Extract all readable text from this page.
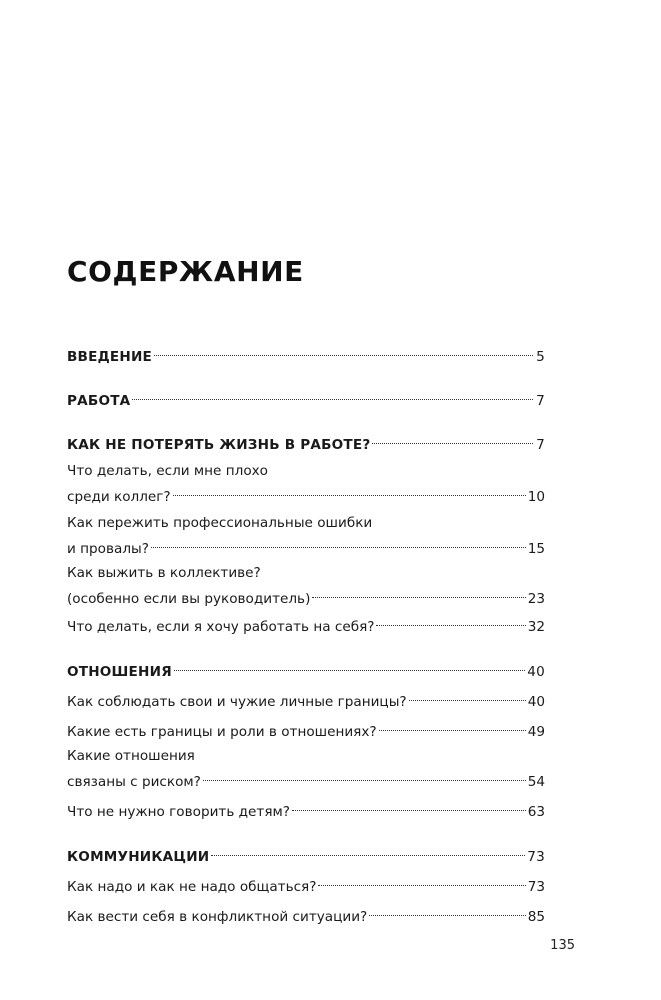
СОДЕРЖАНИЕ
ВВЕДЕНИЕ	5
РАБОТА	7
КАК НЕ ПОТЕРЯТЬ ЖИЗНЬ В РАБОТЕ?	7
Что делать, если мне плохо
среди коллег?	10
Как пережить профессиональные ошибки
и провалы?	15
Как выжить в коллективе?
(особенно если вы руководитель)	23
Что делать, если я хочу работать на себя?	32
ОТНОШЕНИЯ	40
Как соблюдать свои и чужие личные границы?	40
Какие есть границы и роли в отношениях?	49
Какие отношения
связаны с риском?	54
Что не нужно говорить детям?	63
КОММУНИКАЦИИ	73
Как надо и как не надо общаться?	73
Как вести себя в конфликтной ситуации?	85
135
